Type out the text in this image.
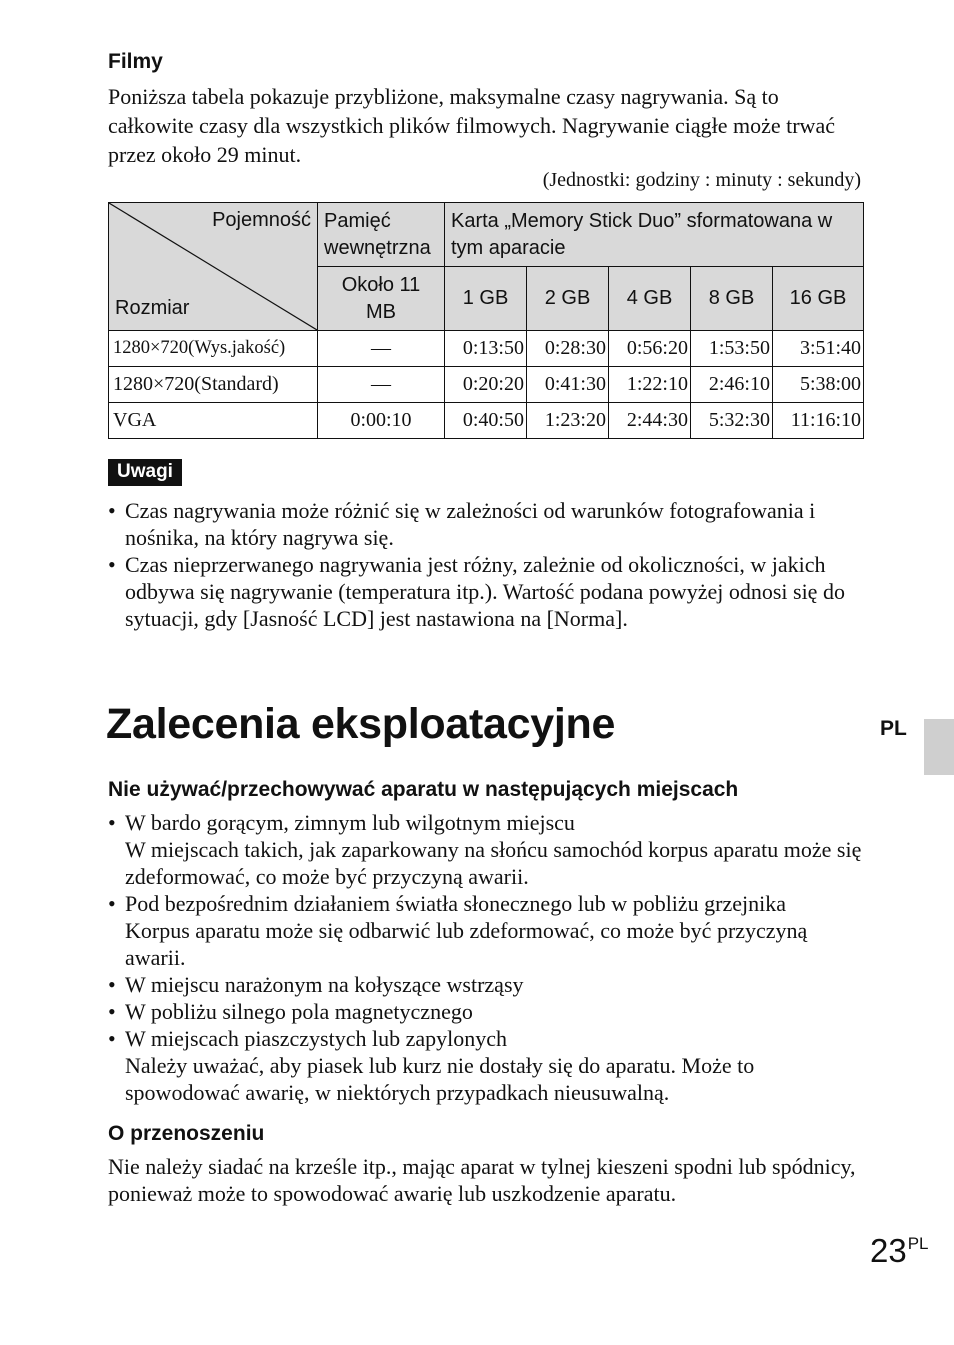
Filmy
Poniższa tabela pokazuje przybliżone, maksymalne czasy nagrywania. Są to całkowite czasy dla wszystkich plików filmowych. Nagrywanie ciągłe może trwać przez około 29 minut.
(Jednostki: godziny : minuty : sekundy)
Pojemność
Rozmiar	Pamięć wewnętrzna	Karta „Memory Stick Duo” sformatowana w tym aparacie				
	Około 11 MB	1 GB	2 GB	4 GB	8 GB	16 GB
1280×720(Wys.jakość)	—	0:13:50	0:28:30	0:56:20	1:53:50	3:51:40
1280×720(Standard)	—	0:20:20	0:41:30	1:22:10	2:46:10	5:38:00
VGA	0:00:10	0:40:50	1:23:20	2:44:30	5:32:30	11:16:10
Uwagi
• Czas nagrywania może różnić się w zależności od warunków fotografowania i nośnika, na który nagrywa się.
• Czas nieprzerwanego nagrywania jest różny, zależnie od okoliczności, w jakich odbywa się nagrywanie (temperatura itp.). Wartość podana powyżej odnosi się do sytuacji, gdy [Jasność LCD] jest nastawiona na [Norma].
Zalecenia eksploatacyjne	PL
Nie używać/przechowywać aparatu w następujących miejscach
• W bardo gorącym, zimnym lub wilgotnym miejscu
W miejscach takich, jak zaparkowany na słońcu samochód korpus aparatu może się zdeformować, co może być przyczyną awarii.
• Pod bezpośrednim działaniem światła słonecznego lub w pobliżu grzejnika
Korpus aparatu może się odbarwić lub zdeformować, co może być przyczyną awarii.
• W miejscu narażonym na kołyszące wstrząsy
• W pobliżu silnego pola magnetycznego
• W miejscach piaszczystych lub zapylonych
Należy uważać, aby piasek lub kurz nie dostały się do aparatu. Może to spowodować awarię, w niektórych przypadkach nieusuwalną.
O przenoszeniu
Nie należy siadać na krześle itp., mając aparat w tylnej kieszeni spodni lub spódnicy, ponieważ może to spowodować awarię lub uszkodzenie aparatu.
$23^{PL}$
